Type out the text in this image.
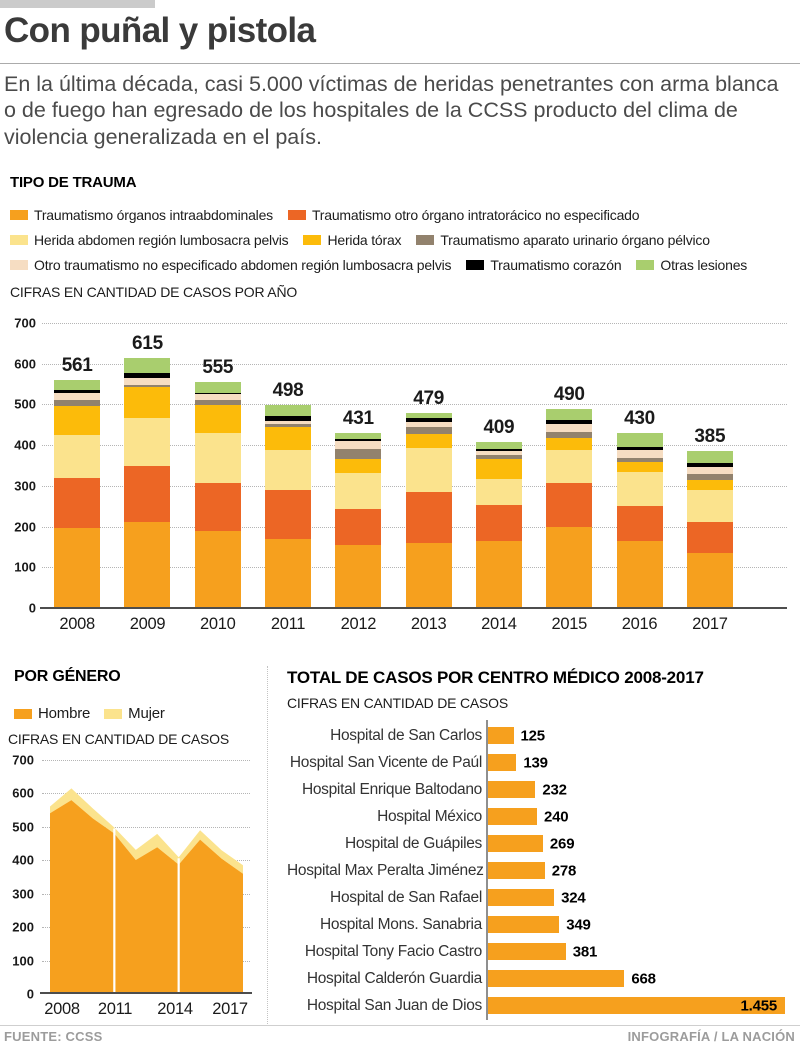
Con puñal y pistola
En la última década, casi 5.000 víctimas de heridas penetrantes con arma blanca o de fuego han egresado de los hospitales de la CCSS producto del clima de violencia generalizada en el país.
TIPO DE TRAUMA
Traumatismo órganos intraabdominales	Traumatismo otro órgano intratorácico no especificado
Herida abdomen región lumbosacra pelvis	Herida tórax	Traumatismo aparato urinario órgano pélvico
Otro traumatismo no especificado abdomen región lumbosacra pelvis	Traumatismo corazón	Otras lesiones
CIFRAS EN CANTIDAD DE CASOS POR AÑO
0
100
200
300
400
500
600
700
561
615
555
498
431
479
409
490
430
385
2008	2009	2010	2011	2012	2013	2014	2015	2016	2017
POR GÉNERO
Hombre	Mujer
CIFRAS EN CANTIDAD DE CASOS
0
100
200
300
400
500
600
700
2008 2011 2014 2017
TOTAL DE CASOS POR CENTRO MÉDICO 2008-2017
CIFRAS EN CANTIDAD DE CASOS
Hospital de San Carlos	125
Hospital San Vicente de Paúl	139
Hospital Enrique Baltodano	232
Hospital México	240
Hospital de Guápiles	269
Hospital Max Peralta Jiménez	278
Hospital de San Rafael	324
Hospital Mons. Sanabria	349
Hospital Tony Facio Castro	381
Hospital Calderón Guardia	668
Hospital San Juan de Dios	1.455
FUENTE: CCSS	INFOGRAFÍA / LA NACIÓN
